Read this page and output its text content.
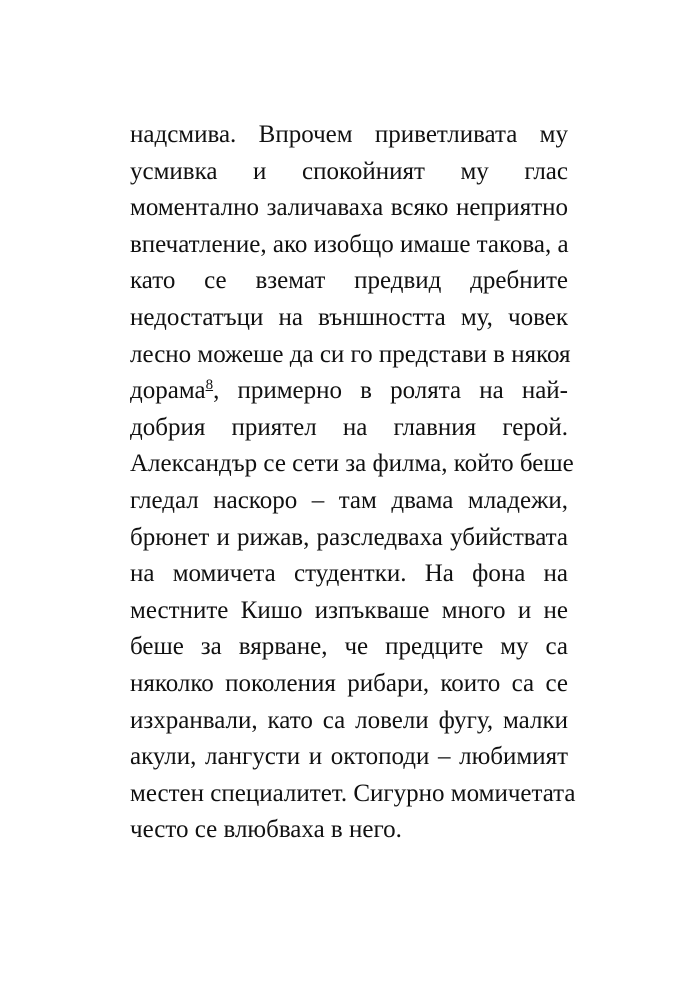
надсмива. Впрочем приветливата му
усмивка и спокойният му глас
моментално заличаваха всяко неприятно
впечатление, ако изобщо имаше такова, а
като се вземат предвид дребните
недостатъци на външността му, човек
лесно можеше да си го представи в някоя
дорама$^8$, примерно в ролята на най-
добрия приятел на главния герой.
Александър се сети за филма, който беше
гледал наскоро – там двама младежи,
брюнет и рижав, разследваха убийствата
на момичета студентки. На фона на
местните Кишо изпъкваше много и не
беше за вярване, че предците му са
няколко поколения рибари, които са се
изхранвали, като са ловели фугу, малки
акули, лангусти и октоподи – любимият
местен специалитет. Сигурно момичетата
често се влюбваха в него.
